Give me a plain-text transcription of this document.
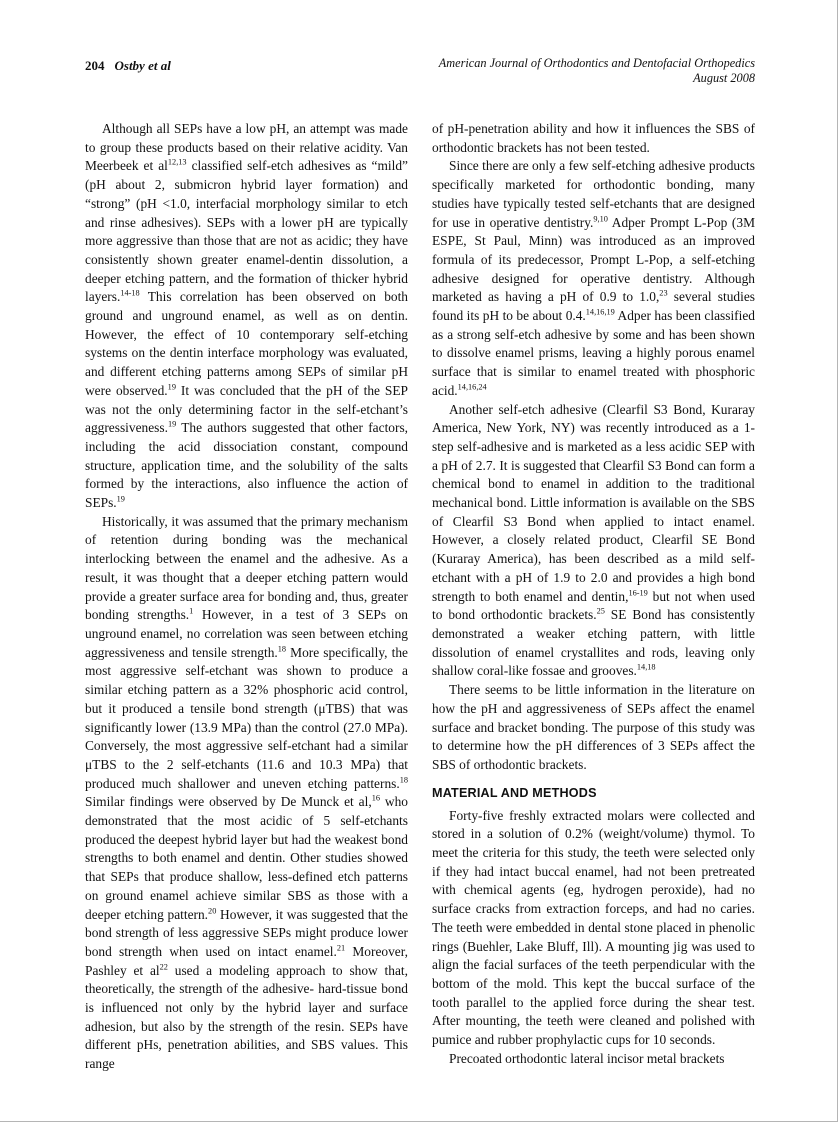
204 Ostby et al	American Journal of Orthodontics and Dentofacial Orthopedics
August 2008

Although all SEPs have a low pH, an attempt was made to group these products based on their relative acidity. Van Meerbeek et al$^{12,13}$ classified self-etch adhesives as “mild” (pH about 2, submicron hybrid layer formation) and “strong” (pH <1.0, interfacial morphology similar to etch and rinse adhesives). SEPs with a lower pH are typically more aggressive than those that are not as acidic; they have consistently shown greater enamel-dentin dissolution, a deeper etching pattern, and the formation of thicker hybrid layers.$^{14-18}$ This correlation has been observed on both ground and unground enamel, as well as on dentin. However, the effect of 10 contemporary self-etching systems on the dentin interface morphology was evaluated, and different etching patterns among SEPs of similar pH were observed.$^{19}$ It was concluded that the pH of the SEP was not the only determining factor in the self-etchant’s aggressiveness.$^{19}$ The authors suggested that other factors, including the acid dissociation constant, compound structure, application time, and the solubility of the salts formed by the interactions, also influence the action of SEPs.$^{19}$

Historically, it was assumed that the primary mechanism of retention during bonding was the mechanical interlocking between the enamel and the adhesive. As a result, it was thought that a deeper etching pattern would provide a greater surface area for bonding and, thus, greater bonding strengths.$^1$ However, in a test of 3 SEPs on unground enamel, no correlation was seen between etching aggressiveness and tensile strength.$^{18}$ More specifically, the most aggressive self-etchant was shown to produce a similar etching pattern as a 32% phosphoric acid control, but it produced a tensile bond strength (μTBS) that was significantly lower (13.9 MPa) than the control (27.0 MPa). Conversely, the most aggressive self-etchant had a similar μTBS to the 2 self-etchants (11.6 and 10.3 MPa) that produced much shallower and uneven etching patterns.$^{18}$ Similar findings were observed by De Munck et al,$^{16}$ who demonstrated that the most acidic of 5 self-etchants produced the deepest hybrid layer but had the weakest bond strengths to both enamel and dentin. Other studies showed that SEPs that produce shallow, less-defined etch patterns on ground enamel achieve similar SBS as those with a deeper etching pattern.$^{20}$ However, it was suggested that the bond strength of less aggressive SEPs might produce lower bond strength when used on intact enamel.$^{21}$ Moreover, Pashley et $al^{22}$ used a modeling approach to show that, theoretically, the strength of the adhesive- hard-tissue bond is influenced not only by the hybrid layer and surface adhesion, but also by the strength of the resin. SEPs have different pHs, penetration abilities, and SBS values. This range

of pH-penetration ability and how it influences the SBS of orthodontic brackets has not been tested.

Since there are only a few self-etching adhesive products specifically marketed for orthodontic bonding, many studies have typically tested self-etchants that are designed for use in operative dentistry.$^{9,10}$ Adper Prompt L-Pop (3M ESPE, St Paul, Minn) was introduced as an improved formula of its predecessor, Prompt L-Pop, a self-etching adhesive designed for operative dentistry. Although marketed as having a pH of 0.9 to 1.0,23 several studies found its pH to be about 0.4.$^{14,16,19}$ Adper has been classified as a strong self-etch adhesive by some and has been shown to dissolve enamel prisms, leaving a highly porous enamel surface that is similar to enamel treated with phosphoric acid.$^{14,16,24}$

Another self-etch adhesive (Clearfil S3 Bond, Kuraray America, New York, NY) was recently introduced as a 1-step self-adhesive and is marketed as a less acidic SEP with a pH of 2.7. It is suggested that Clearfil S3 Bond can form a chemical bond to enamel in addition to the traditional mechanical bond. Little information is available on the SBS of Clearfil S3 Bond when applied to intact enamel. However, a closely related product, Clearfil SE Bond (Kuraray America), has been described as a mild self-etchant with a pH of 1.9 to 2.0 and provides a high bond strength to both enamel and dentin,$^{16-19}$ but not when used to bond orthodontic brackets.$^{25}$ SE Bond has consistently demonstrated a weaker etching pattern, with little dissolution of enamel crystallites and rods, leaving only shallow coral-like fossae and grooves.$^{14,18}$

There seems to be little information in the literature on how the pH and aggressiveness of SEPs affect the enamel surface and bracket bonding. The purpose of this study was to determine how the pH differences of 3 SEPs affect the SBS of orthodontic brackets.

MATERIAL AND METHODS

Forty-five freshly extracted molars were collected and stored in a solution of 0.2% (weight/volume) thymol. To meet the criteria for this study, the teeth were selected only if they had intact buccal enamel, had not been pretreated with chemical agents (eg, hydrogen peroxide), had no surface cracks from extraction forceps, and had no caries. The teeth were embedded in dental stone placed in phenolic rings (Buehler, Lake Bluff, Ill). A mounting jig was used to align the facial surfaces of the teeth perpendicular with the bottom of the mold. This kept the buccal surface of the tooth parallel to the applied force during the shear test. After mounting, the teeth were cleaned and polished with pumice and rubber prophylactic cups for 10 seconds.

Precoated orthodontic lateral incisor metal brackets
